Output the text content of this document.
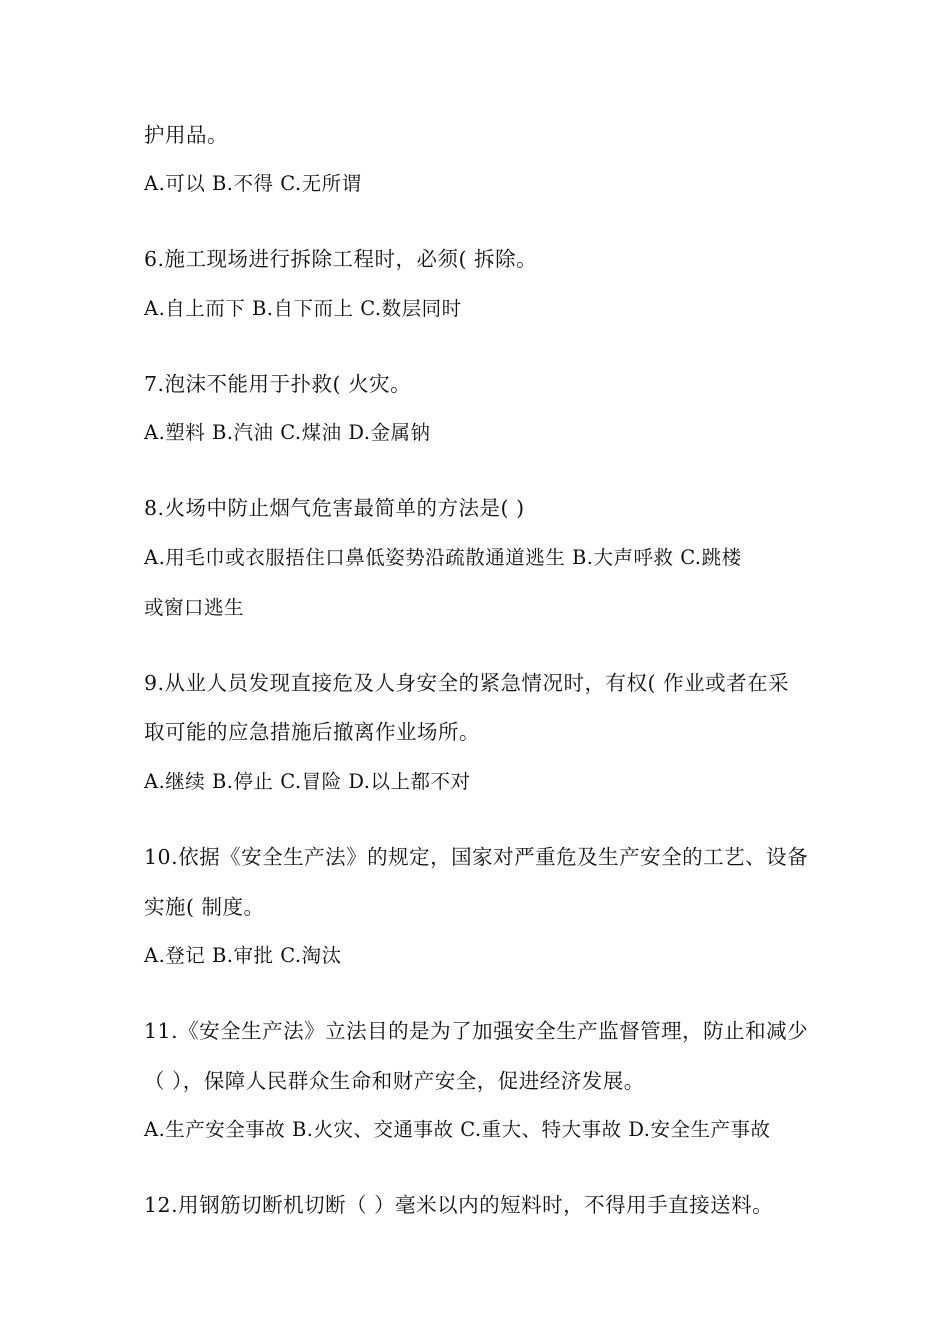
护用品。
A.可以 B.不得 C.无所谓
6.施工现场进行拆除工程时，必须( 拆除。
A.自上而下 B.自下而上 C.数层同时
7.泡沫不能用于扑救( 火灾。
A.塑料 B.汽油 C.煤油 D.金属钠
8.火场中防止烟气危害最简单的方法是( )
A.用毛巾或衣服捂住口鼻低姿势沿疏散通道逃生 B.大声呼救 C.跳楼
或窗口逃生
9.从业人员发现直接危及人身安全的紧急情况时，有权( 作业或者在采
取可能的应急措施后撤离作业场所。
A.继续 B.停止 C.冒险 D.以上都不对
10.依据《安全生产法》的规定，国家对严重危及生产安全的工艺、设备
实施( 制度。
A.登记 B.审批 C.淘汰
11.《安全生产法》立法目的是为了加强安全生产监督管理，防止和减少
（ ），保障人民群众生命和财产安全，促进经济发展。
A.生产安全事故 B.火灾、交通事故 C.重大、特大事故 D.安全生产事故
12.用钢筋切断机切断（ ）毫米以内的短料时，不得用手直接送料。
